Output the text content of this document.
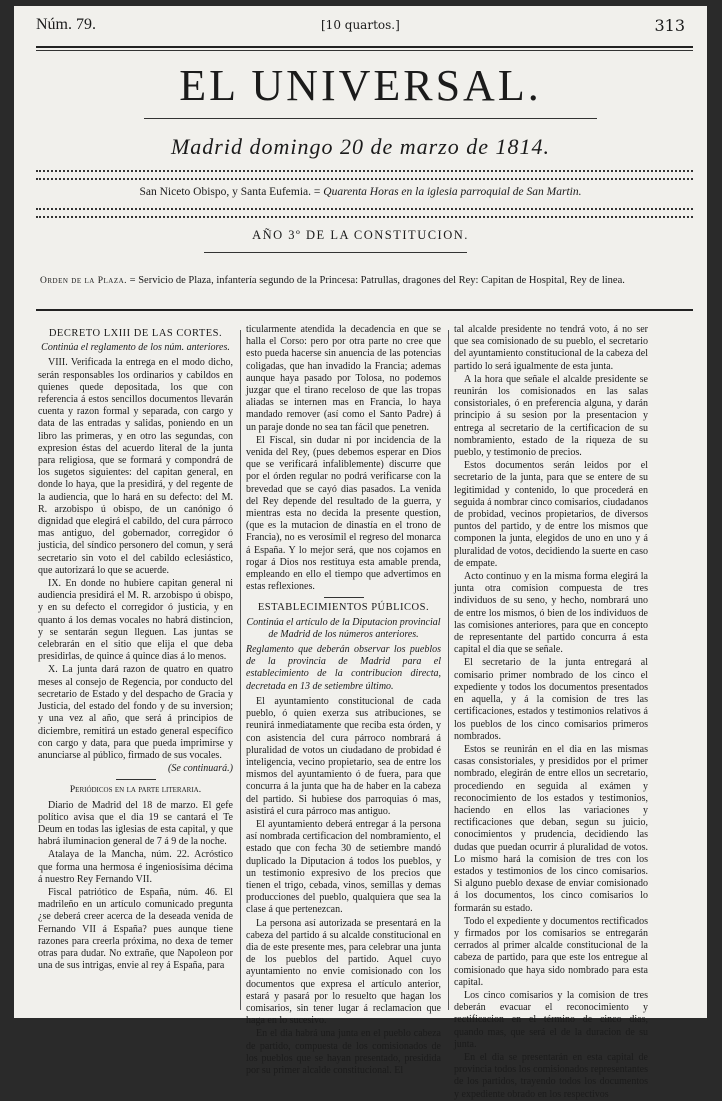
Núm. 79.	[10 quartos.]	313
EL UNIVERSAL.
Madrid domingo 20 de marzo de 1814.
San Niceto Obispo, y Santa Eufemia. = Quarenta Horas en la iglesia parroquial de San Martin.
AÑO 3º DE LA CONSTITUCION.
Orden de la Plaza. = Servicio de Plaza, infantería segundo de la Princesa: Patrullas, dragones del Rey: Capitan de Hospital, Rey de linea.
DECRETO LXIII DE LAS CORTES.

Continúa el reglamento de los núm. anteriores.

VIII. Verificada la entrega en el modo dicho, serán responsables los ordinarios y cabildos en quienes quede depositada, los que con referencia á estos sencillos documentos llevarán cuenta y razon formal y separada, con cargo y data de las entradas y salidas, poniendo en un libro las primeras, y en otro las segundas, con expresion éstas del acuerdo literal de la junta para religiosa, que se formará y compondrá de los sugetos siguientes: del capitan general, en donde lo haya, que la presidirá, y del regente de la audiencia, que lo hará en su defecto: del M. R. arzobispo ú obispo, de un canónigo ó dignidad que elegirá el cabildo, del cura párroco mas antiguo, del gobernador, corregidor ó justicia, del síndico personero del comun, y será secretario sin voto el del cabildo eclesiástico, que autorizará lo que se acuerde.

IX. En donde no hubiere capitan general ni audiencia presidirá el M. R. arzobispo ú obispo, y en su defecto el corregidor ó justicia, y en quanto á los demas vocales no habrá distincion, y se sentarán segun lleguen. Las juntas se celebrarán en el sitio que elija el que deba presidirlas, de quince á quince dias á lo menos.

X. La junta dará razon de quatro en quatro meses al consejo de Regencia, por conducto del secretario de Estado y del despacho de Gracia y Justicia, del estado del fondo y de su inversion; y una vez al año, que será á principios de diciembre, remitirá un estado general específico con cargo y data, para que pueda imprimirse y anunciarse al público, firmado de sus vocales.

(Se continuará.)

Periódicos en la parte literaria.

Diario de Madrid del 18 de marzo. El gefe político avisa que el dia 19 se cantará el Te Deum en todas las iglesias de esta capital, y que habrá iluminacion general de 7 á 9 de la noche.

Atalaya de la Mancha, núm. 22. Acróstico que forma una hermosa é ingeniosísima décima á nuestro Rey Fernando VII.

Fiscal patriótico de España, núm. 46. El madrileño en un artículo comunicado pregunta ¿se deberá creer acerca de la deseada venida de Fernando VII á España? pues aunque tiene razones para creerla próxima, no dexa de temer otras para dudar. No extrañe, que Napoleon por una de sus intrigas, envie al rey á España, para

ticularmente atendida la decadencia en que se halla el Corso: pero por otra parte no cree que esto pueda hacerse sin anuencia de las potencias coligadas, que han invadido la Francia; ademas aunque haya pasado por Tolosa, no podemos juzgar que el tirano receloso de que las tropas aliadas se internen mas en Francia, lo haya mandado remover (así como el Santo Padre) á un paraje donde no sea tan fácil que penetren.

El Fiscal, sin dudar ni por incidencia de la venida del Rey, (pues debemos esperar en Dios que se verificará infaliblemente) discurre que por el órden regular no podrá verificarse con la brevedad que se cayó dias pasados. La venida del Rey depende del resultado de la guerra, y mientras esta no decida la presente question, (que es la mutacion de dinastía en el trono de Francia), no es verosímil el regreso del monarca á España. Y lo mejor será, que nos cojamos en rogar á Dios nos restituya esta amable prenda, empleando en ello el tiempo que advertimos en estas reflexiones.

ESTABLECIMIENTOS PÚBLICOS.

Continúa el artículo de la Diputacion provincial de Madrid de los números anteriores.

Reglamento que deberán observar los pueblos de la provincia de Madrid para el establecimiento de la contribucion directa, decretada en 13 de setiembre último.

El ayuntamiento constitucional de cada pueblo, ó quien exerza sus atribuciones, se reunirá inmediatamente que reciba esta órden, y con asistencia del cura párroco nombrará á pluralidad de votos un ciudadano de probidad é inteligencia, vecino propietario, sea de entre los mismos del ayuntamiento ó de fuera, para que concurra á la junta que ha de haber en la cabeza del partido. Si hubiese dos parroquias ó mas, asistirá el cura párroco mas antiguo.

El ayuntamiento deberá entregar á la persona así nombrada certificacion del nombramiento, el estado que con fecha 30 de setiembre mandó duplicado la Diputacion á todos los pueblos, y un testimonio expresivo de los precios que tienen el trigo, cebada, vinos, semillas y demas producciones del pueblo, qualquiera que sea la clase á que pertenezcan.

La persona así autorizada se presentará en la cabeza del partido á su alcalde constitucional en dia de este presente mes, para celebrar una junta de los pueblos del partido. Aquel cuyo ayuntamiento no envie comisionado con los documentos que expresa el artículo anterior, estará y pasará por lo resuelto que hagan los comisarios, sin tener lugar á reclamacion que haga en lo sucesivo.

En el dia habrá una junta en el pueblo cabeza de partido, compuesta de los comisionados de los pueblos que se hayan presentado, presidida por su primer alcalde constitucional. El

tal alcalde presidente no tendrá voto, á no ser que sea comisionado de su pueblo, el secretario del ayuntamiento constitucional de la cabeza del partido lo será igualmente de esta junta.

A la hora que señale el alcalde presidente se reunirán los comisionados en las salas consistoriales, ó en preferencia alguna, y darán principio á su sesion por la presentacion y entrega al secretario de la certificacion de su nombramiento, estado de la riqueza de su pueblo, y testimonio de precios.

Estos documentos serán leidos por el secretario de la junta, para que se entere de su legitimidad y contenido, lo que procederá en seguida á nombrar cinco comisarios, ciudadanos de probidad, vecinos propietarios, de diversos puntos del partido, y de entre los mismos que componen la junta, elegidos de uno en uno y á pluralidad de votos, decidiendo la suerte en caso de empate.

Acto continuo y en la misma forma elegirá la junta otra comision compuesta de tres individuos de su seno, y hecho, nombrará uno de entre los mismos, ó bien de los individuos de las comisiones anteriores, para que en concepto de representante del partido concurra á esta capital el dia que se señale.

El secretario de la junta entregará al comisario primer nombrado de los cinco el expediente y todos los documentos presentados en aquella, y á la comision de tres las certificaciones, estados y testimonios relativos á los pueblos de los cinco comisarios primeros nombrados.

Estos se reunirán en el dia en las mismas casas consistoriales, y presididos por el primer nombrado, elegirán de entre ellos un secretario, procediendo en seguida al exámen y reconocimiento de los estados y testimonios, haciendo en ellos las variaciones y rectificaciones que deban, segun su juicio, conocimientos y prudencia, decidiendo las dudas que puedan ocurrir á pluralidad de votos. Lo mismo hará la comision de tres con los estados y testimonios de los cinco comisarios. Si alguno pueblo dexase de enviar comisionado á los documentos, los cinco comisarios lo formarán su estado.

Todo el expediente y documentos rectificados y firmados por los comisarios se entregarán cerrados al primer alcalde constitucional de la cabeza de partido, para que este los entregue al comisionado que haya sido nombrado para esta capital.

Los cinco comisarios y la comision de tres deberán evacuar el reconocimiento y rectificacion en el término de cinco dias, quando mas, que será el de la duracion de su junta.

En el dia se presentarán en esta capital de provincia todos los comisionados representantes de los partidos, trayendo todos los documentos y expediente obrado en los respectivos
